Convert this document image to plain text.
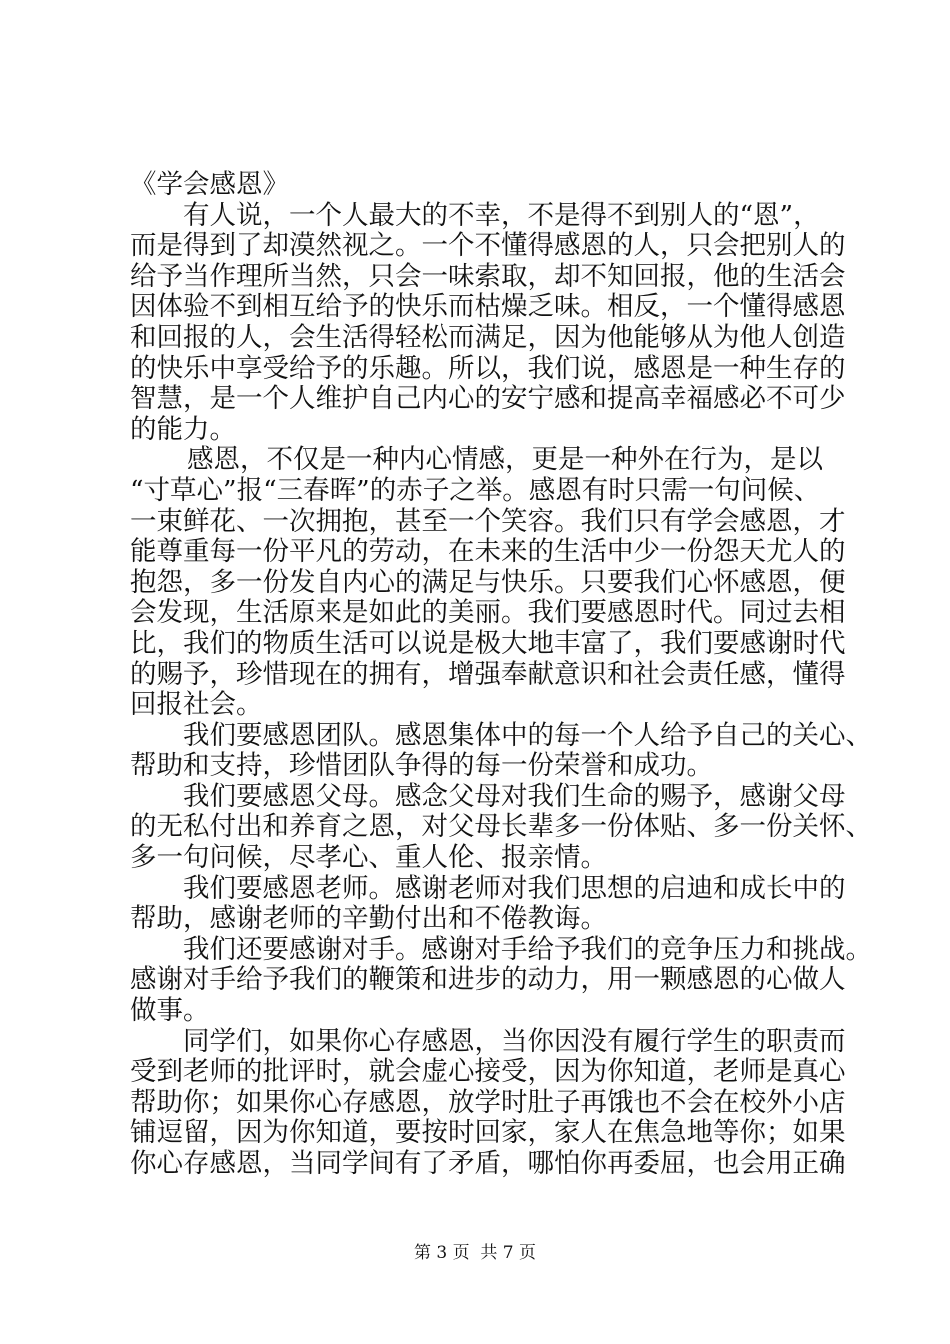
《学会感恩》
有人说，一个人最大的不幸，不是得不到别人的“恩”，
而是得到了却漠然视之。一个不懂得感恩的人，只会把别人的
给予当作理所当然，只会一味索取，却不知回报，他的生活会
因体验不到相互给予的快乐而枯燥乏味。相反，一个懂得感恩
和回报的人，会生活得轻松而满足，因为他能够从为他人创造
的快乐中享受给予的乐趣。所以，我们说，感恩是一种生存的
智慧，是一个人维护自己内心的安宁感和提高幸福感必不可少
的能力。
感恩，不仅是一种内心情感，更是一种外在行为，是以
“寸草心”报“三春晖”的赤子之举。感恩有时只需一句问候、
一束鲜花、一次拥抱，甚至一个笑容。我们只有学会感恩，才
能尊重每一份平凡的劳动，在未来的生活中少一份怨天尤人的
抱怨，多一份发自内心的满足与快乐。只要我们心怀感恩，便
会发现，生活原来是如此的美丽。我们要感恩时代。同过去相
比，我们的物质生活可以说是极大地丰富了，我们要感谢时代
的赐予，珍惜现在的拥有，增强奉献意识和社会责任感，懂得
回报社会。
我们要感恩团队。感恩集体中的每一个人给予自己的关心、
帮助和支持，珍惜团队争得的每一份荣誉和成功。
我们要感恩父母。感念父母对我们生命的赐予，感谢父母
的无私付出和养育之恩，对父母长辈多一份体贴、多一份关怀、
多一句问候，尽孝心、重人伦、报亲情。
我们要感恩老师。感谢老师对我们思想的启迪和成长中的
帮助，感谢老师的辛勤付出和不倦教诲。
我们还要感谢对手。感谢对手给予我们的竞争压力和挑战。
感谢对手给予我们的鞭策和进步的动力，用一颗感恩的心做人
做事。
同学们，如果你心存感恩，当你因没有履行学生的职责而
受到老师的批评时，就会虚心接受，因为你知道，老师是真心
帮助你；如果你心存感恩，放学时肚子再饿也不会在校外小店
铺逗留，因为你知道，要按时回家，家人在焦急地等你；如果
你心存感恩，当同学间有了矛盾，哪怕你再委屈，也会用正确
第 3 页  共 7 页
